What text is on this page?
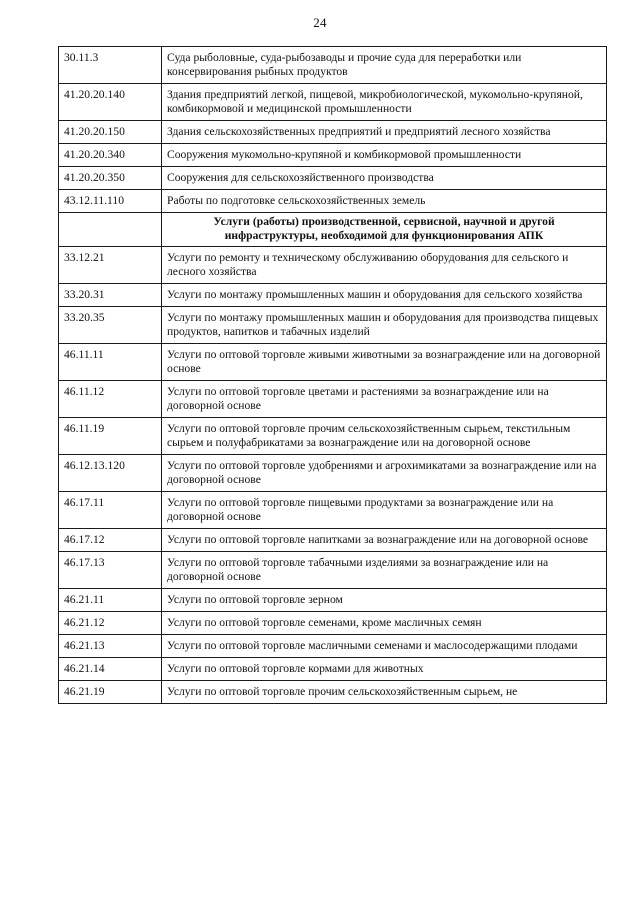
24
30.11.3	Суда рыболовные, суда-рыбозаводы и прочие суда для переработки или консервирования рыбных продуктов
41.20.20.140	Здания предприятий легкой, пищевой, микробиологической, мукомольно-крупяной, комбикормовой и медицинской промышленности
41.20.20.150	Здания сельскохозяйственных предприятий и предприятий лесного хозяйства
41.20.20.340	Сооружения мукомольно-крупяной и комбикормовой промышленности
41.20.20.350	Сооружения для сельскохозяйственного производства
43.12.11.110	Работы по подготовке сельскохозяйственных земель
	Услуги (работы) производственной, сервисной, научной и другой инфраструктуры, необходимой для функционирования АПК
33.12.21	Услуги по ремонту и техническому обслуживанию оборудования для сельского и лесного хозяйства
33.20.31	Услуги по монтажу промышленных машин и оборудования для сельского хозяйства
33.20.35	Услуги по монтажу промышленных машин и оборудования для производства пищевых продуктов, напитков и табачных изделий
46.11.11	Услуги по оптовой торговле живыми животными за вознаграждение или на договорной основе
46.11.12	Услуги по оптовой торговле цветами и растениями за вознаграждение или на договорной основе
46.11.19	Услуги по оптовой торговле прочим сельскохозяйственным сырьем, текстильным сырьем и полуфабрикатами за вознаграждение или на договорной основе
46.12.13.120	Услуги по оптовой торговле удобрениями и агрохимикатами за вознаграждение или на договорной основе
46.17.11	Услуги по оптовой торговле пищевыми продуктами за вознаграждение или на договорной основе
46.17.12	Услуги по оптовой торговле напитками за вознаграждение или на договорной основе
46.17.13	Услуги по оптовой торговле табачными изделиями за вознаграждение или на договорной основе
46.21.11	Услуги по оптовой торговле зерном
46.21.12	Услуги по оптовой торговле семенами, кроме масличных семян
46.21.13	Услуги по оптовой торговле масличными семенами и маслосодержащими плодами
46.21.14	Услуги по оптовой торговле кормами для животных
46.21.19	Услуги по оптовой торговле прочим сельскохозяйственным сырьем, не
